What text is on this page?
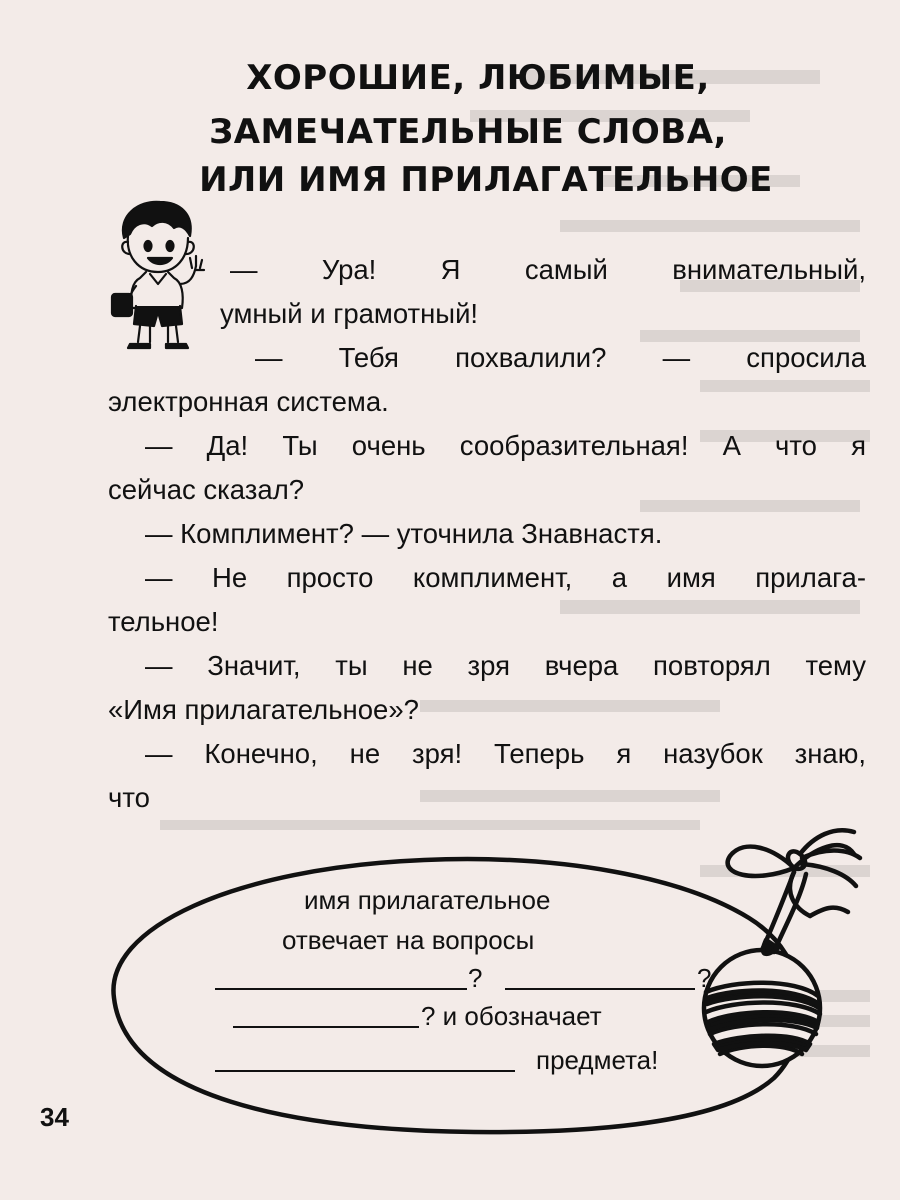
ХОРОШИЕ, ЛЮБИМЫЕ,
ЗАМЕЧАТЕЛЬНЫЕ СЛОВА,
ИЛИ ИМЯ ПРИЛАГАТЕЛЬНОЕ
— Ура! Я самый внимательный,
умный и грамотный!
— Тебя похвалили? — спросила
электронная система.
— Да! Ты очень сообразительная! А что я
сейчас сказал?
— Комплимент? — уточнила Знавнастя.
— Не просто комплимент, а имя прилага-
тельное!
— Значит, ты не зря вчера повторял тему
«Имя прилагательное»?
— Конечно, не зря! Теперь я назубок знаю,
что
имя прилагательное
отвечает на вопросы
?	?
? и обозначает
предмета!
34
